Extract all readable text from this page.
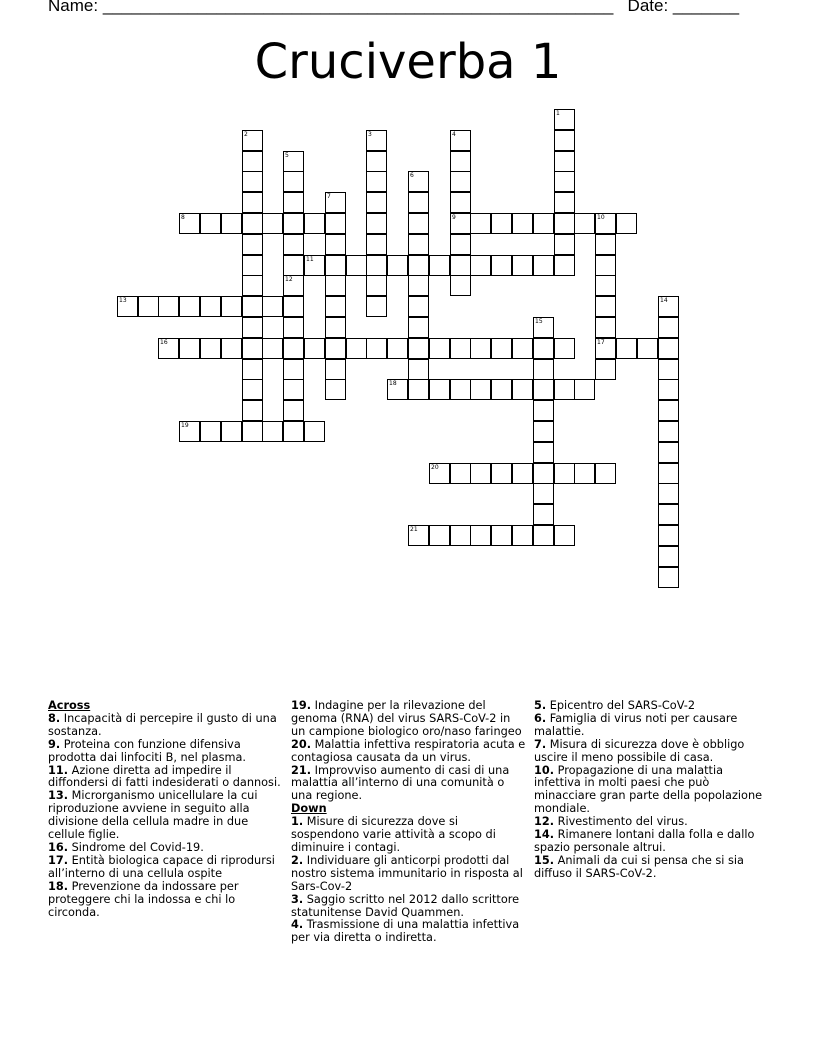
Name: ______________________________________________________ Date: _______
Cruciverba 1
1
2	3	4
9
5
12
6
7
8	10
17
11
13	14
15
16
18
19
20
21

Across

8. Incapacità di percepire il gusto di una sostanza.

9. Proteina con funzione difensiva prodotta dai linfociti B, nel plasma.

11. Azione diretta ad impedire il diffondersi di fatti indesiderati o dannosi.

13. Microrganismo unicellulare la cui riproduzione avviene in seguito alla divisione della cellula madre in due cellule figlie.

16. Sindrome del Covid-19.

17. Entità biologica capace di riprodursi all’interno di una cellula ospite

18. Prevenzione da indossare per proteggere chi la indossa e chi lo circonda.

19. Indagine per la rilevazione del genoma (RNA) del virus SARS-CoV-2 in un campione biologico oro/naso faringeo

20. Malattia infettiva respiratoria acuta e contagiosa causata da un virus.

21. Improvviso aumento di casi di una malattia all’interno di una comunità o una regione.

Down

1. Misure di sicurezza dove si sospendono varie attività a scopo di diminuire i contagi.

2. Individuare gli anticorpi prodotti dal nostro sistema immunitario in risposta al Sars-Cov-2

3. Saggio scritto nel 2012 dallo scrittore statunitense David Quammen.

4. Trasmissione di una malattia infettiva per via diretta o indiretta.

5. Epicentro del SARS-CoV-2

6. Famiglia di virus noti per causare malattie.

7. Misura di sicurezza dove è obbligo uscire il meno possibile di casa.

10. Propagazione di una malattia infettiva in molti paesi che può minacciare gran parte della popolazione mondiale.

12. Rivestimento del virus.

14. Rimanere lontani dalla folla e dallo spazio personale altrui.

15. Animali da cui si pensa che si sia diffuso il SARS-CoV-2.
